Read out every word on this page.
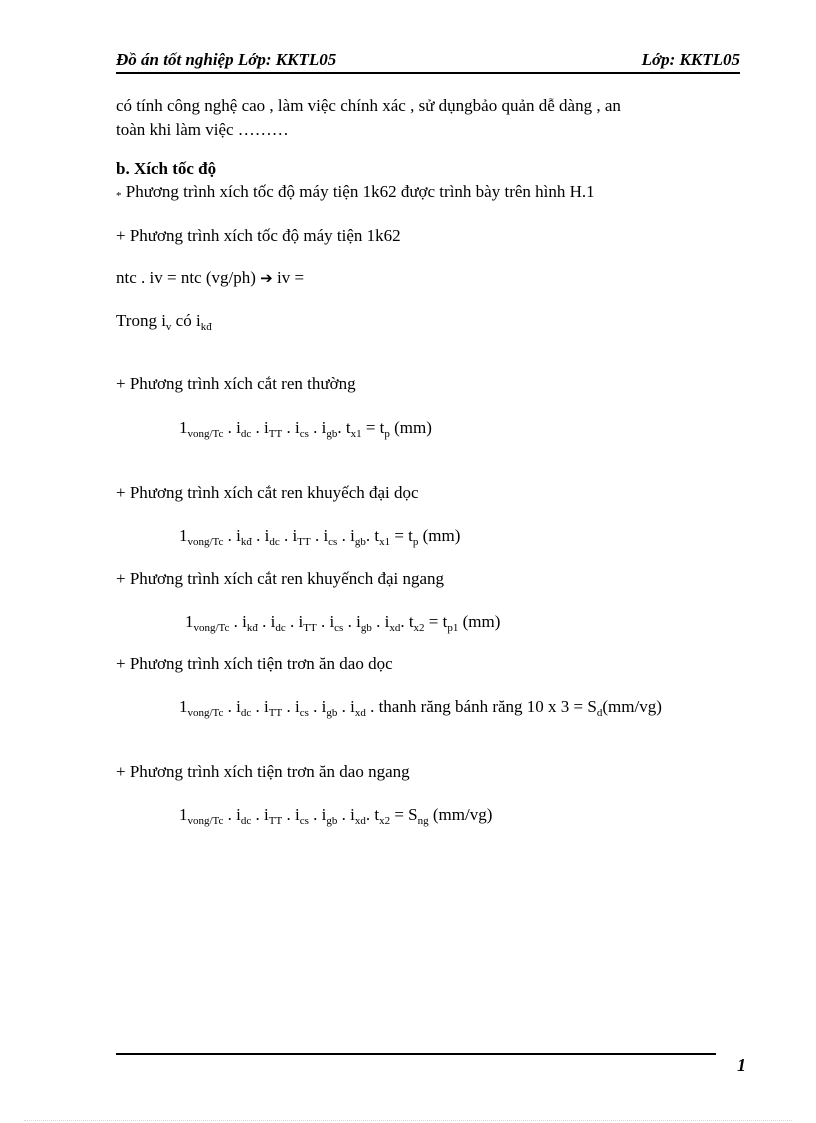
Đồ án tốt nghiệp Lớp: KKTL05	Lớp: KKTL05
có tính công nghệ cao , làm việc chính xác , sử dụngbảo quản dễ dàng , an
toàn khi làm việc ………
b. Xích tốc độ
* Phương trình xích tốc độ máy tiện 1k62 được trình bày trên hình H.1
+ Phương trình xích tốc độ máy tiện 1k62
ntc . iv = ntc (vg/ph) ➔ iv =
Trong $i_v$ có $i_{kđ}$
+ Phương trình xích cắt ren thường
$1_{vong/Tc}$ . $i_{dc}$ . $i_{TT}$ . $i_{cs}$ . $i_{gb}$. $t_{x1} = t_p$ (mm)
+ Phương trình xích cắt ren khuyếch đại dọc
$1_{vong/Tc}$ . $i_{kđ}$ . $i_{dc}$ . $i_{TT}$ . $i_{cs}$ . $i_{gb}$. $t_{x1} = t_p$ (mm)
+ Phương trình xích cắt ren khuyếnch đại ngang
$1_{vong/Tc}$ . $i_{kđ}$ . $i_{dc}$ . $i_{TT}$ . $i_{cs}$ . $i_{gb}$ . $i_{xd}$. $t_{x2} = t_{p1}$ (mm)
+ Phương trình xích tiện trơn ăn dao dọc
$1_{vong/Tc}$ . $i_{dc}$ . $i_{TT}$ . $i_{cs}$ . $i_{gb}$ . $i_{xd}$ . thanh răng bánh răng 10 x $3 = S_d(mm/vg)$
+ Phương trình xích tiện trơn ăn dao ngang
$1_{vong/Tc}$ . $i_{dc}$ . $i_{TT}$ . $i_{cs}$ . $i_{gb}$ . $i_{xd}$. $t_{x2} = S_{ng}$ (mm/vg)
1
